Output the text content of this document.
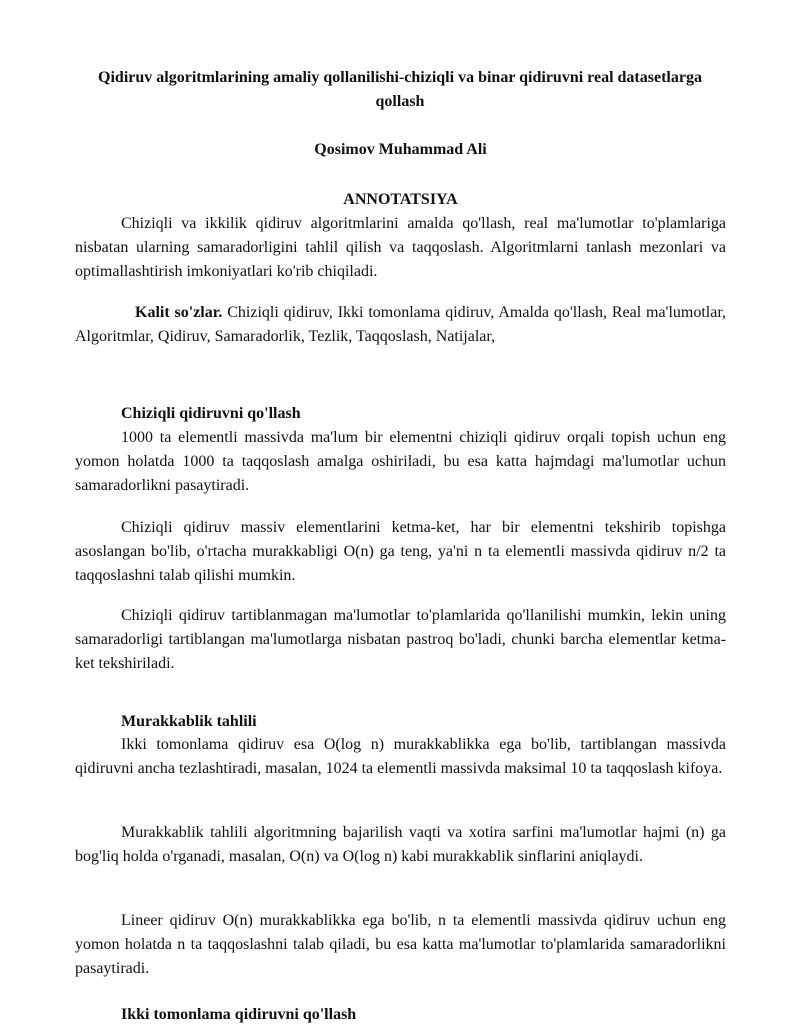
Qidiruv algoritmlarining amaliy qollanilishi-chiziqli va binar qidiruvni real datasetlarga qollash
Qosimov Muhammad Ali
ANNOTATSIYA
Chiziqli va ikkilik qidiruv algoritmlarini amalda qo'llash, real ma'lumotlar to'plamlariga nisbatan ularning samaradorligini tahlil qilish va taqqoslash. Algoritmlarni tanlash mezonlari va optimallashtirish imkoniyatlari ko'rib chiqiladi.
Kalit so'zlar. Chiziqli qidiruv, Ikki tomonlama qidiruv, Amalda qo'llash, Real ma'lumotlar, Algoritmlar, Qidiruv, Samaradorlik, Tezlik, Taqqoslash, Natijalar,
Chiziqli qidiruvni qo'llash
1000 ta elementli massivda ma'lum bir elementni chiziqli qidiruv orqali topish uchun eng yomon holatda 1000 ta taqqoslash amalga oshiriladi, bu esa katta hajmdagi ma'lumotlar uchun samaradorlikni pasaytiradi.
Chiziqli qidiruv massiv elementlarini ketma-ket, har bir elementni tekshirib topishga asoslangan bo'lib, o'rtacha murakkabligi O(n) ga teng, ya'ni n ta elementli massivda qidiruv n/2 ta taqqoslashni talab qilishi mumkin.
Chiziqli qidiruv tartiblanmagan ma'lumotlar to'plamlarida qo'llanilishi mumkin, lekin uning samaradorligi tartiblangan ma'lumotlarga nisbatan pastroq bo'ladi, chunki barcha elementlar ketma-ket tekshiriladi.
Murakkablik tahlili
Ikki tomonlama qidiruv esa O(log n) murakkablikka ega bo'lib, tartiblangan massivda qidiruvni ancha tezlashtiradi, masalan, 1024 ta elementli massivda maksimal 10 ta taqqoslash kifoya.
Murakkablik tahlili algoritmning bajarilish vaqti va xotira sarfini ma'lumotlar hajmi (n) ga bog'liq holda o'rganadi, masalan, O(n) va O(log n) kabi murakkablik sinflarini aniqlaydi.
Lineer qidiruv O(n) murakkablikka ega bo'lib, n ta elementli massivda qidiruv uchun eng yomon holatda n ta taqqoslashni talab qiladi, bu esa katta ma'lumotlar to'plamlarida samaradorlikni pasaytiradi.
Ikki tomonlama qidiruvni qo'llash
